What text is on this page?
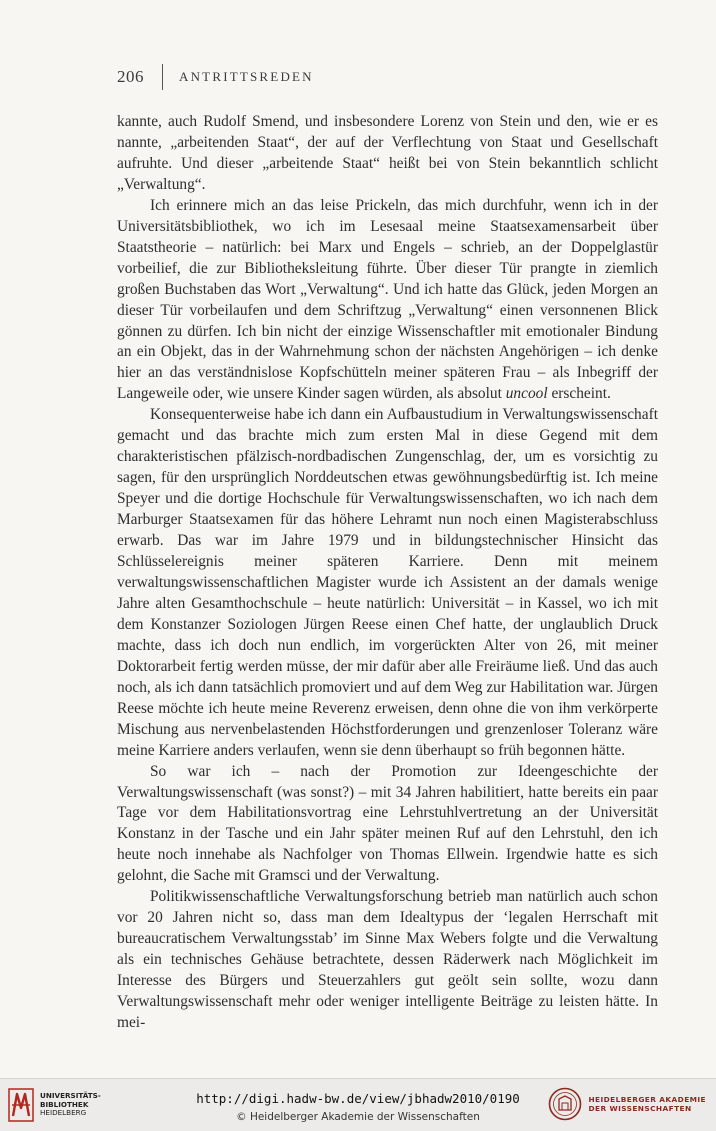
206	ANTRITTSREDEN

kannte, auch Rudolf Smend, und insbesondere Lorenz von Stein und den, wie er es nannte, „arbeitenden Staat“, der auf der Verflechtung von Staat und Gesellschaft aufruhte. Und dieser „arbeitende Staat“ heißt bei von Stein bekanntlich schlicht „Verwaltung“.

Ich erinnere mich an das leise Prickeln, das mich durchfuhr, wenn ich in der Universitätsbibliothek, wo ich im Lesesaal meine Staatsexamensarbeit über Staatstheorie – natürlich: bei Marx und Engels – schrieb, an der Doppelglastür vorbeilief, die zur Bibliotheksleitung führte. Über dieser Tür prangte in ziemlich großen Buchstaben das Wort „Verwaltung“. Und ich hatte das Glück, jeden Morgen an dieser Tür vorbeilaufen und dem Schriftzug „Verwaltung“ einen versonnenen Blick gönnen zu dürfen. Ich bin nicht der einzige Wissenschaftler mit emotionaler Bindung an ein Objekt, das in der Wahrnehmung schon der nächsten Angehörigen – ich denke hier an das verständnislose Kopfschütteln meiner späteren Frau – als Inbegriff der Langeweile oder, wie unsere Kinder sagen würden, als absolut uncool erscheint.

Konsequenterweise habe ich dann ein Aufbaustudium in Verwaltungswissenschaft gemacht und das brachte mich zum ersten Mal in diese Gegend mit dem charakteristischen pfälzisch-nordbadischen Zungenschlag, der, um es vorsichtig zu sagen, für den ursprünglich Norddeutschen etwas gewöhnungsbedürftig ist. Ich meine Speyer und die dortige Hochschule für Verwaltungswissenschaften, wo ich nach dem Marburger Staatsexamen für das höhere Lehramt nun noch einen Magisterabschluss erwarb. Das war im Jahre 1979 und in bildungstechnischer Hinsicht das Schlüsselereignis meiner späteren Karriere. Denn mit meinem verwaltungswissenschaftlichen Magister wurde ich Assistent an der damals wenige Jahre alten Gesamthochschule – heute natürlich: Universität – in Kassel, wo ich mit dem Konstanzer Soziologen Jürgen Reese einen Chef hatte, der unglaublich Druck machte, dass ich doch nun endlich, im vorgerückten Alter von 26, mit meiner Doktorarbeit fertig werden müsse, der mir dafür aber alle Freiräume ließ. Und das auch noch, als ich dann tatsächlich promoviert und auf dem Weg zur Habilitation war. Jürgen Reese möchte ich heute meine Reverenz erweisen, denn ohne die von ihm verkörperte Mischung aus nervenbelastenden Höchstforderungen und grenzenloser Toleranz wäre meine Karriere anders verlaufen, wenn sie denn überhaupt so früh begonnen hätte.

So war ich – nach der Promotion zur Ideengeschichte der Verwaltungswissenschaft (was sonst?) – mit 34 Jahren habilitiert, hatte bereits ein paar Tage vor dem Habilitationsvortrag eine Lehrstuhlvertretung an der Universität Konstanz in der Tasche und ein Jahr später meinen Ruf auf den Lehrstuhl, den ich heute noch innehabe als Nachfolger von Thomas Ellwein. Irgendwie hatte es sich gelohnt, die Sache mit Gramsci und der Verwaltung.

Politikwissenschaftliche Verwaltungsforschung betrieb man natürlich auch schon vor 20 Jahren nicht so, dass man dem Idealtypus der ‘legalen Herrschaft mit bureaucratischem Verwaltungsstab’ im Sinne Max Webers folgte und die Verwaltung als ein technisches Gehäuse betrachtete, dessen Räderwerk nach Möglichkeit im Interesse des Bürgers und Steuerzahlers gut geölt sein sollte, wozu dann Verwaltungswissenschaft mehr oder weniger intelligente Beiträge zu leisten hätte. In mei-

UNIVERSITÄTS-
BIBLIOTHEK
HEIDELBERG
http://digi.hadw-bw.de/view/jbhadw2010/0190
© Heidelberger Akademie der Wissenschaften
HEIDELBERGER AKADEMIE
DER WISSENSCHAFTEN
